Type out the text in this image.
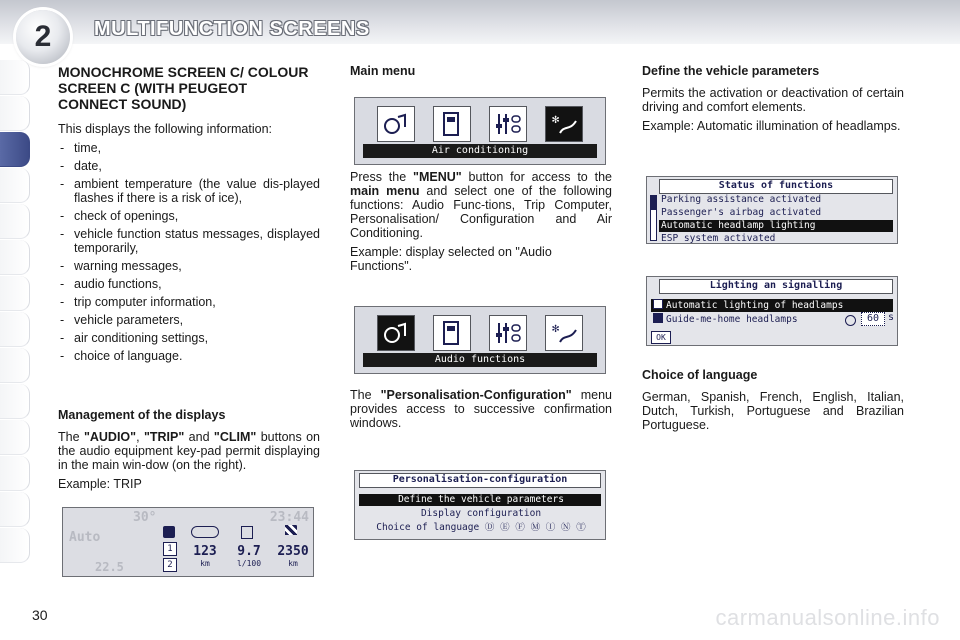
2 MULTIFUNCTION SCREENS
MONOCHROME SCREEN C/ COLOUR SCREEN C (WITH PEUGEOT CONNECT SOUND)

This displays the following information:

- time,
- date,
- ambient temperature (the value dis-played flashes if there is a risk of ice),
- check of openings,
- vehicle function status messages, displayed temporarily,
- warning messages,
- audio functions,
- trip computer information,
- vehicle parameters,
- air conditioning settings,
- choice of language.
Management of the displays

The "AUDIO", "TRIP" and "CLIM" buttons on the audio equipment key-pad permit displaying in the main win-dow (on the right).

Example: TRIP

30°	23:44
Auto
22.5
1
2
123
km
9.7
l/100
2350
km
Main menu
✻
Air conditioning

Press the "MENU" button for access to the main menu and select one of the following functions: Audio Func-tions, Trip Computer, Personalisation/ Configuration and Air Conditioning.

Example: display selected on "Audio Functions".

✻
Audio functions

The "Personalisation-Configuration" menu provides access to successive confirmation windows.

Personalisation-configuration
Define the vehicle parameters
Display configuration
Choice of language Ⓓ Ⓔ Ⓕ Ⓜ Ⓘ Ⓝ Ⓣ
Define the vehicle parameters

Permits the activation or deactivation of certain driving and comfort elements.

Example: Automatic illumination of headlamps.

Status of functions
Parking assistance activated
Passenger's airbag activated
Automatic headlamp lighting
ESP system activated
Lighting an signalling
Automatic lighting of headlamps
Guide-me-home headlamps	60 s
OK
Choice of language

German, Spanish, French, English, Italian, Dutch, Turkish, Portuguese and Brazilian Portuguese.

30	carmanualsonline.info
